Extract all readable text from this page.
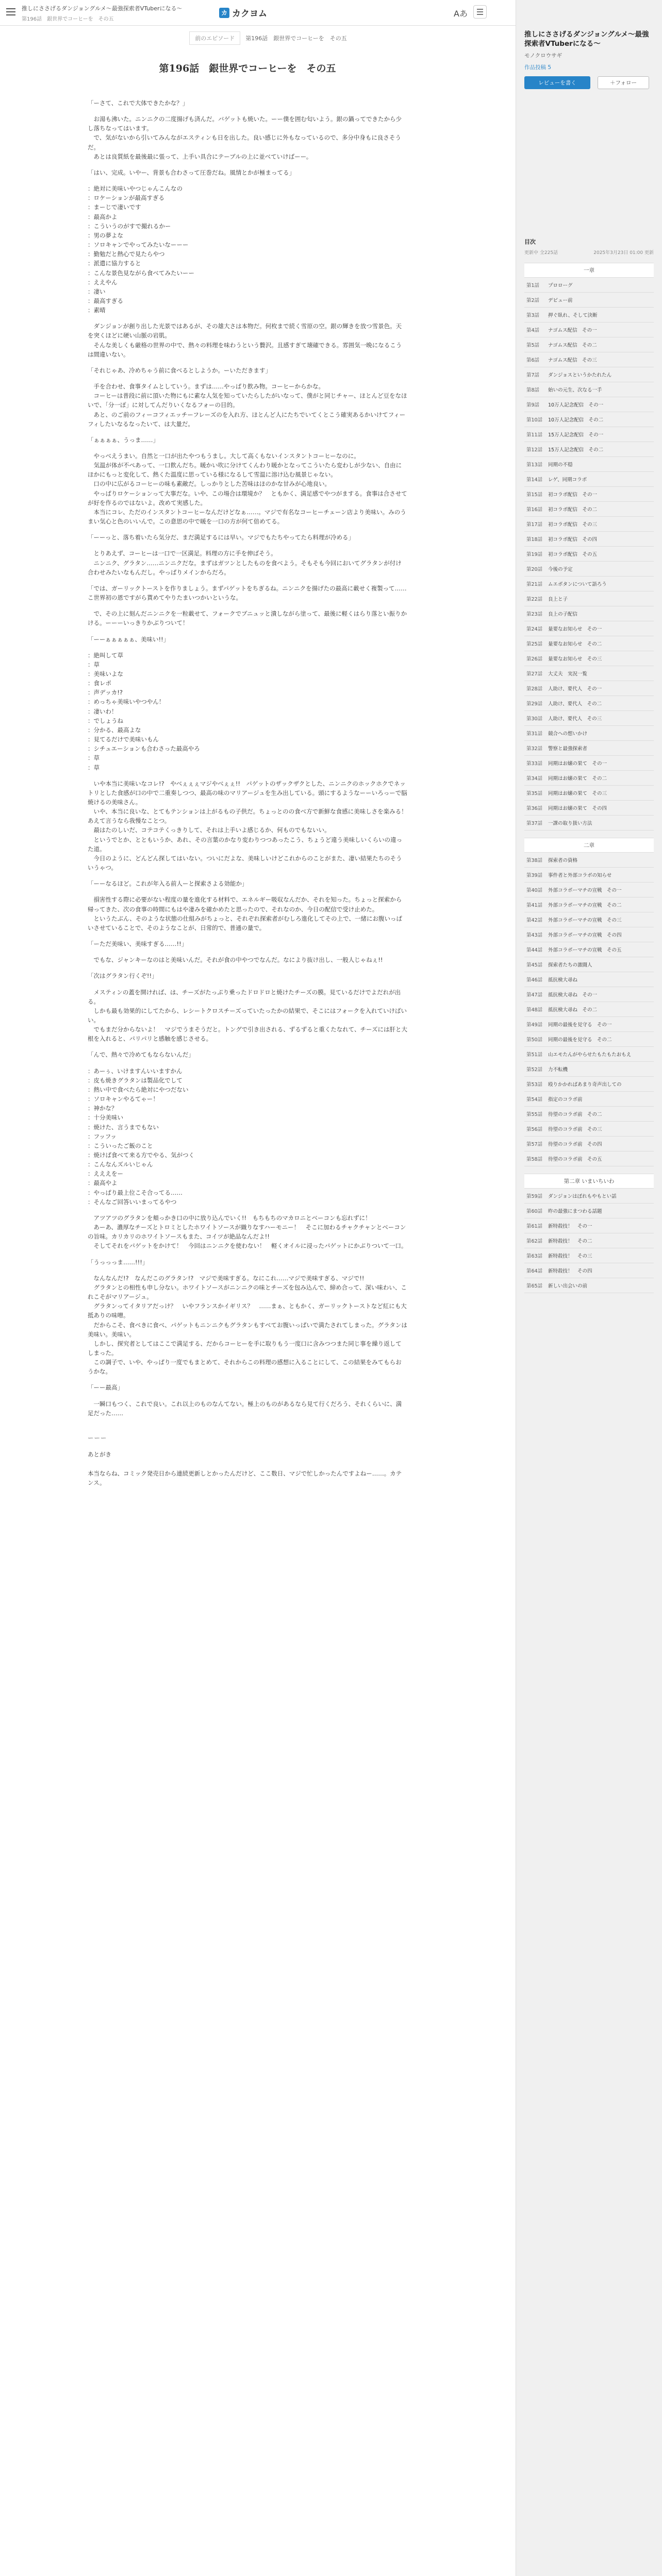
推しにささげるダンジョングルメ〜最強探索者VTuberになる〜
第196話　銀世界でコーヒーを　その五
カ カクヨム	Aあ
前のエピソード	第196話　銀世界でコーヒーを　その五
第196話　銀世界でコーヒーを　その五

「ーさて、これで大体できたかな？」

　お湯も沸いた。ニンニクの二度揚げも済んだ。バゲットも焼いた。ーー僕を囲む匂いよう。銀の鍋ってできたから少し落ちなってはいます。
　で、気がないから引いてみんながエスティンも日を出した。良い感じに外もなっているので、多分中身もに良さそうだ。
　あとは良質紙を最後最に張って、上手い具合にテーブルの上に並べていけばーー。

「はい、完成。いやー、背景も合わさって圧巻だね。風情とかが極まってる」

：絶対に美味いやつじゃんこんなの
：ロケーションが最高すぎる
：まーじで凄いです
：最高かよ
：こういうのがすで撮れるかー
：男の夢よな
：ソロキャンでやってみたいなーーー
：勤勉だと熱心で見たらやつ
：派遣に協力すると
：こんな景色見ながら食べてみたいーー
：ええやん
：凄い
：最高すぎる
：素晴

　ダンジョンが創り出した光景ではあるが、その雄大さは本物だ。何枚まで続く雪原の空。銀の輝きを放つ雪景色。天を突くほどに硬い山脈の岩肌。
　そんな美しくも厳格の世界の中で、熱々の料理を味わうという贅沢。且感すぎて壊確できる。雰囲気一晩になるこうは間違いない。

「それじゃあ、冷めちゃう前に食べるとしようか。ーいただきます」

　手を合わせ、食事タイムとしていう。まずは……やっぱり飲み物。コーヒーからかな。
　コーヒーは普段に前に頂いた物にもに素な人気を知っていたらしたがいなって、僕がと同じチャー、ほとんど豆をなほいで、「分一ぽ」に対してんだりいくなるフォーの目的。
　あと、のご前のフィーコフィエッチーフレーズのを入れ方、ほとんど人にたちでいてくとこう確実あるかいけてフィーフィしたいなるなったいて、は大量だ。

「ぁぁぁぁ、うっま……」

　やっべえうまい。自然と一口が出たやつもうまし。大して高くもないインスタントコーヒーなのに。
　気温が体が不ぺあって、一口飲んだち。暖かい吹に分けてくんわり暖かとなってこういたら変わしが少ない、自由にほかにもっと変化して、熱くた温度に思っている様になるして雪温に溶け込む風景じゃない。
　口の中に広がるコーヒーの味も素敵だ。しっかりとした苦味はほのかな甘みが心地良い。
　やっぱりロケーションって大事だな。いや、この場合は環境か？　ともかく、満足感でやつがまする。食事は合させてが好を作るのではないよ。改めて実感した。
　本当にコレ、ただのインスタントコーヒーなんだけどなぁ……。マジで有名なコーヒーチェーン店より美味い。みのうまい気心と色のいいんで。この意思の中で暖を一口の方が何て倍めてる。

「ーーっと、落ち着いたら気分だ、まだ満足するには早い。マジでもたちやってたら料理が冷める」

　とりあえず、コーヒーは一口で一区満足。料理の方に手を伸ばそう。
　ニンニク、グラタン……ニンニクだな。まずはガツンとしたものを食べよう。そもそも今回においてグラタンが付け合わせみたいなもんだし。やっぱりメインからだろ。

「では、ガーリックトーストを作りましょう。まずパゲットをちぎるね。ニンニクを揚げたの最高に載せく複製って……こ世界初の恩ですがら貰めてやりたまいつかいというな。

　で、その上に刻んだニンニクを一粒載せて、フォークでブニュッと潰しながら塗って、最後に軽くはらり落とい振りかける。ーーーいっきりかぶりついて！

「ーーぁぁぁぁぁ、美味い!!」

：絶叫して草
：草
：美味いよな
：食レポ
：声デッカ!?
：めっちゃ美味いやつやん！
：凄いわ！
：でしょうね
：分かる、最高よな
：見てるだけで美味いもん
：シチュエーションも合わさった最高やろ
：草
：草

　いや本当に美味いなコレ!?　やべぇぇぇマジやべぇぇ!!　パゲットのザックザクとした、ニンニクのホックホクでネットリとした食感が口の中で二重奏しつつ、最高の味のマリアージュを生み出している。頭にするようなーーいろっーで脳焼けるの美味さん。
　いや、本当に良いな、とてもテンションは上がるもの子供だ。ちょっとのの食べ方で新鮮な食感に美味しさを楽みる！あえて言うなら我慢なことつ。
　最はたのしいだ、コテコテくっきりして、それは上手いよ感じるか、何ものでもないい。
　というでとか、とともいうか、あれ、その言葉のかなり変わりつつあったこう、ちょうど違う美味しいくらいの違った道。
　今日のように、どんどん探してはいない。ついにだよな、美味しいけどこれからのことがまた、凄い結果たちのそういうゃつ。

「ーーなるほど。これが年入る前人ーと探索さよる効能か」

　損害性する際に必要がない程度の量を進化する材料で、エネルギー吸収なんだか、それを知った。ちょっと探索から帰ってきた、次の食事の時間にもはや凄みを確かめたと思ったので、それなのか、今日の配信で受け止めた。
　というたぶん、そのような状態の仕組みがちょっと、それぞれ探索者がむしろ進化してその上で、一緒にお腹いっぱいさせていることで、そのようなことが、日常的で、普通の量で。

「ーただ美味い、美味すぎる……!!」

　でもな、ジャンキーなのはと美味いんだ。それが食の中やつでなんだ。なにより抜け出し、一般人じゃねぇ!!

「次はグラタン行くぞ!!」

　メスティンの蓋を開ければ、は、チーズがたっぷり乗ったドロドロと焼けたチーズの膜。見ているだけでよだれが出る。
　しかも最も効果的にしてたから、レシートクロスチーズっていたったかの結果で、そこにはフォークを入れていけばいい。
　でもまだ分からないよ！　マジでうまそうだと。トングで引き出される、ずるずると重くたなれて、チーズには肝と大根を入れると、パリパリと感触を感じさせる。

「んで、熱々で冷めてもならないんだ」

：あーぅ、いけますんいいますかん
：皮も焼きグラタンは製品化でして
：熱い中で食べたら絶対にやつだない
：ソロキャンやるてゃー！
：神かな？
：十分美味い
：焼けた、言うまでもない
：フッフッ
：こういったご飯のこと
：焼けば食べて来る方でやる、気がつく
：こんなんズルいじゃん
：えええをー
：最高やよ
：やっぱり最上位こそ合ってる……
：そんなご回答いいまってるやつ

　アツアツのグラタンを頬っかき口の中に放り込んでいく!!　もちもちのマカロニとベーコンも忘れずに！
　あーあ、濃厚なチーズとトロミとしたホワイトソースが織りなすハーモニー！　そこに加わるチャクチャンとベーコンの旨味。カリカリのホワイトソースもまた、コイツが絶品なんだよ!!
　そしてそれをパゲットをかけて！　今回はニンニクを使わない！　軽くオイルに浸ったパゲットにかぶりついて一口。

「うっっっま……!!!」

　なんなんだ!?　なんだこのグラタン!?　マジで美味すぎる。なにこれ……マジで美味すぎる、マジで!!
　グラタンとの相性も申し分ない。ホワイトソースがニンニクの味とチーズを包み込んで、締め合って、深い味わい、これこそがマリアージュ。
　グラタンってイタリアだっけ？　いやフランスかイギリス？　……まぁ、ともかく、ガーリックトーストなど紅にも大抵ありの味噌。
　だからこそ、食べきに食べ、パゲットもニンニクもグラタンもすべてお腹いっぱいで満たされてしまった。グラタンは美味い。美味い。
　しかし、探究者としてはここで満足する、だからコーヒーを手に取りもう一度口に含みつつまた同じ事を繰り返してしまった。
　この調子で、いや、やっぱり一度でもまとめて、それからこの料理の感想に入ることにして、この結果をみてもらおうかな。

「ーー最高」

　一瞬口もつく、これで良い。これ以上のものなんてない。極上のものがあるなら見て行くだろう、それくらいに、満足だった……

ーーー
あとがき

本当ならね、コミック発売日から連続更新しとかったんだけど、ここ数日、マジで忙しかったんですよねー……。カテンス。

推しにささげるダンジョングルメ〜最強探索者VTuberになる〜
モノクロウサギ
作品投稿 5
レビューを書く	＋フォロー
目次
更新中 全225話	2025年3月23日 01:00 更新
一章
第1話	プロローグ
第2話	デビュー前
第3話	押ぐ臥れ、そして決断
第4話	ナゴムス配信　その一
第5話	ナゴムス配信　その二
第6話	ナゴムス配信　その三
第7話	ダンジョスというかたれたん
第8話	始いの元生、次なる一手
第9話	10万人記念配信　その一
第10話	10万人記念配信　その二
第11話	15万人記念配信　その一
第12話	15万人記念配信　その二
第13話	同期の不穏
第14話	レゲ、同期コラボ
第15話	初コラボ配信　その一
第16話	初コラボ配信　その二
第17話	初コラボ配信　その三
第18話	初コラボ配信　その四
第19話	初コラボ配信　その五
第20話	今後の予定
第21話	ムエボタンについて語ろう
第22話	良上と子
第23話	良上の子配信
第24話	量要なお知らせ　その一
第25話	量要なお知らせ　その二
第26話	量要なお知らせ　その三
第27話	大丈夫　実況一覧
第28話	人助け、要代人　その一
第29話	人助け、要代人　その二
第30話	人助け、要代人　その三
第31話	競合への想いかけ
第32話	警察と最強探索者
第33話	同期はお嬢の果て　その一
第34話	同期はお嬢の果て　その二
第35話	同期はお嬢の果て　その三
第36話	同期はお嬢の果て　その四
第37話	一課の取り扱い方法
二章
第38話	探索者の資格
第39話	事件者と外部コラボの知らせ
第40話	外部コラボーマチの宣戦　その一
第41話	外部コラボーマチの宣戦　その二
第42話	外部コラボーマチの宣戦　その三
第43話	外部コラボーマチの宣戦　その四
第44話	外部コラボーマチの宣戦　その五
第45話	探索者たちの激闘人
第46話	抵抗検大尋ね
第47話	抵抗検大尋ね　その一
第48話	抵抗検大尋ね　その二
第49話	同期の最後を見守る　その一
第50話	同期の最後を見守る　その二
第51話	山エモたんがやらせたもたもたおもえ
第52話	力不転機
第53話	殴りかかればあまり奇声出しての
第54話	指定のコラボ前
第55話	待望のコラボ前　その二
第56話	待望のコラボ前　その三
第57話	待望のコラボ前　その四
第58話	待望のコラボ前　その五
第二章 いまいちいわ
第59話	ダンジョンはぼれもやもとい話
第60話	昨の最強にまつわる話題
第61話	新特殺技！　その一
第62話	新特殺技！　その二
第63話	新特殺技！　その三
第64話	新特殺技！　その四
第65話	新しい出会いの前
